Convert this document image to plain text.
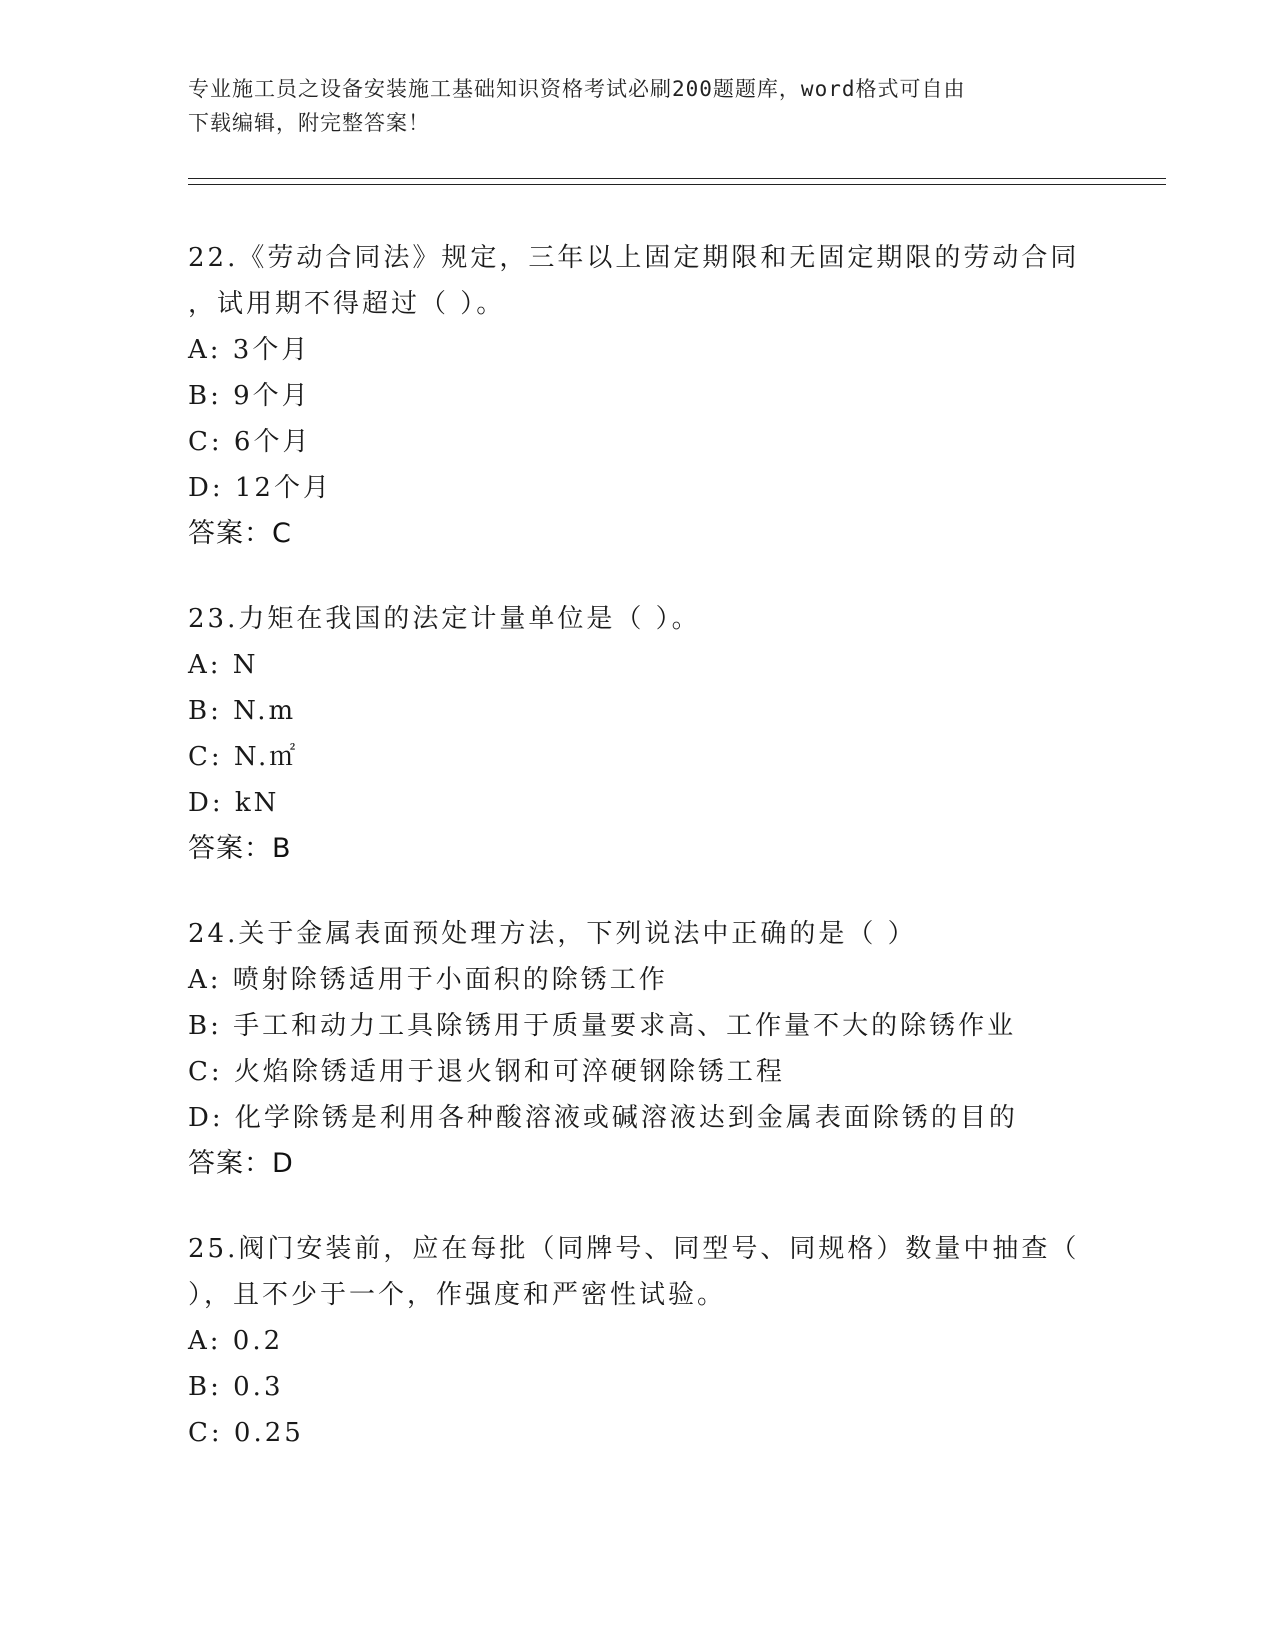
专业施工员之设备安装施工基础知识资格考试必刷200题题库，word格式可自由
下载编辑，附完整答案！
22.《劳动合同法》规定，三年以上固定期限和无固定期限的劳动合同
，试用期不得超过（ ）。
A: 3个月
B: 9个月
C: 6个月
D: 12个月
答案：C
23.力矩在我国的法定计量单位是（ ）。
A: N
B: N.m
C: N.㎡
D: kN
答案：B
24.关于金属表面预处理方法，下列说法中正确的是（ ）
A: 喷射除锈适用于小面积的除锈工作
B: 手工和动力工具除锈用于质量要求高、工作量不大的除锈作业
C: 火焰除锈适用于退火钢和可淬硬钢除锈工程
D: 化学除锈是利用各种酸溶液或碱溶液达到金属表面除锈的目的
答案：D
25.阀门安装前，应在每批（同牌号、同型号、同规格）数量中抽查（
），且不少于一个，作强度和严密性试验。
A: 0.2
B: 0.3
C: 0.25
